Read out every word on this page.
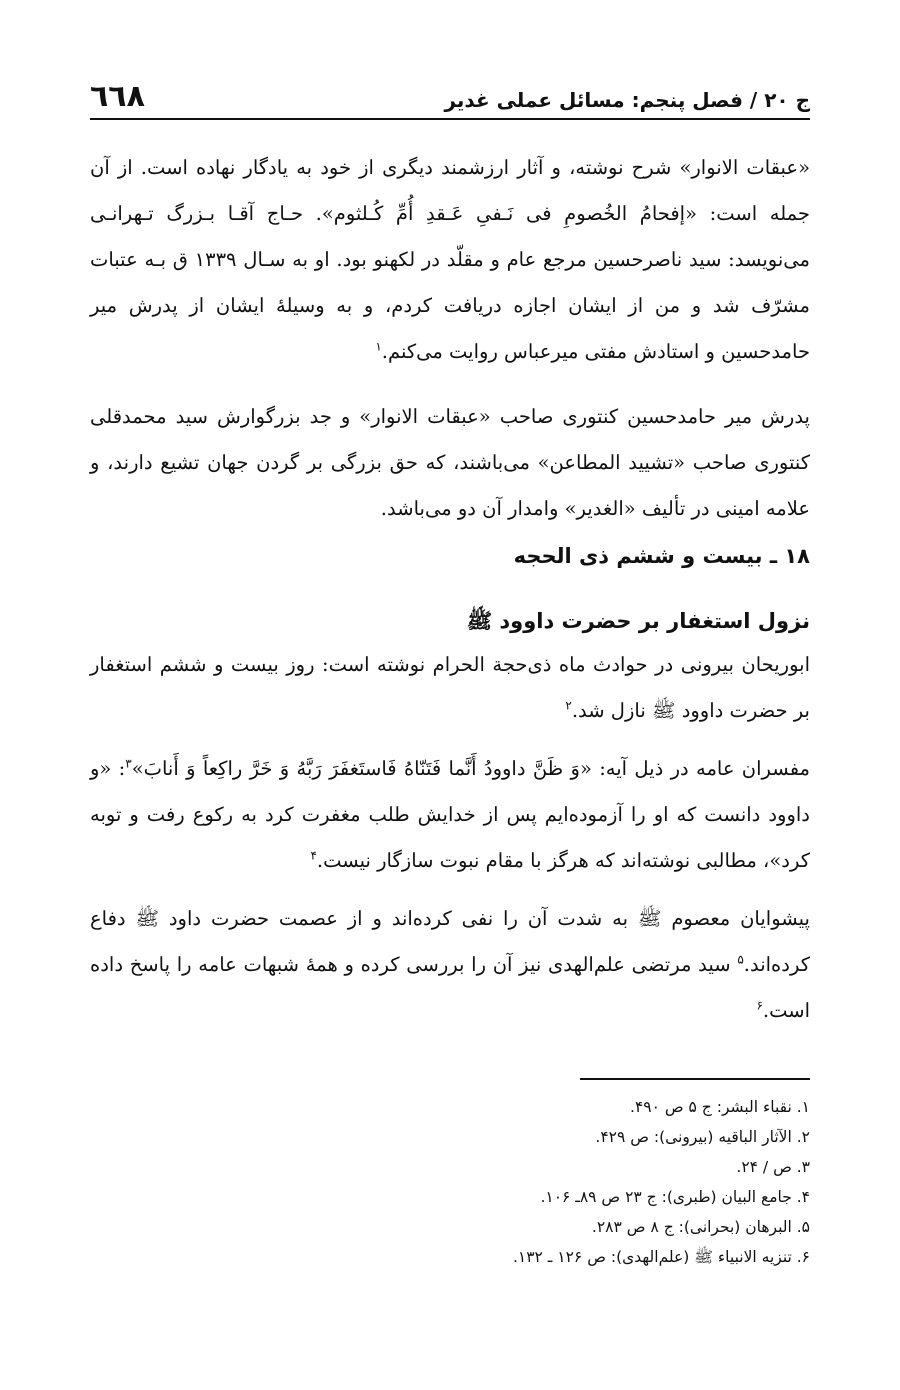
ج ۲۰ / فصل پنجم: مسائل عملی غدیر
٦٦٨

«عبقات الانوار» شرح نوشته، و آثار ارزشمند دیگری از خود به یادگار نهاده است. از آن جمله است: «إفحامُ الخُصومِ فی نَـفیِ عَـقدِ أُمِّ کُـلثوم». حـاج آقـا بـزرگ تـهرانـی می‌نویسد: سید ناصرحسین مرجع عام و مقلّد در لکهنو بود. او به سـال ۱۳۳۹ ق بـه عتبات مشرّف شد و من از ایشان اجازه دریافت کردم، و به وسیلهٔ ایشان از پدرش میر حامدحسین و استادش مفتی میرعباس روایت می‌کنم.$^۱$

پدرش میر حامدحسین کنتوری صاحب «عبقات الانوار» و جد بزرگوارش سید محمدقلی کنتوری صاحب «تشیید المطاعن» می‌باشند، که حق بزرگی بر گردن جهان تشیع دارند، و علامه امینی در تألیف «الغدیر» وامدار آن دو می‌باشد.

۱۸ ـ بیست و ششم ذی الحجه
نزول استغفار بر حضرت داوود ﷺ

ابوریحان بیرونی در حوادث ماه ذی‌حجة الحرام نوشته است: روز بیست و ششم استغفار بر حضرت داوود ﷺ نازل شد.$^۲$

مفسران عامه در ذیل آیه: «وَ ظَنَّ داوودُ أَنَّما فَتَنّاهُ فَاستَغفَرَ رَبَّهُ وَ خَرَّ راکِعاً وَ أَنابَ»$^۳$: «و داوود دانست که او را آزموده‌ایم پس از خدایش طلب مغفرت کرد به رکوع رفت و توبه کرد»، مطالبی نوشته‌اند که هرگز با مقام نبوت سازگار نیست.$^۴$

پیشوایان معصوم ﷺ به شدت آن را نفی کرده‌اند و از عصمت حضرت داود ﷺ دفاع کرده‌اند.$^۵$ سید مرتضی علم‌الهدی نیز آن را بررسی کرده و همهٔ شبهات عامه را پاسخ داده است.$^۶$

۱. نقباء البشر: ج ۵ ص ۴۹۰.
۲. الآثار الباقیه (بیرونی): ص ۴۲۹.
۳. ص / ۲۴.
۴. جامع البیان (طبری): ج ۲۳ ص ۸۹ـ ۱۰۶.
۵. البرهان (بحرانی): ج ۸ ص ۲۸۳.
۶. تنزیه الانبیاء ﷺ (علم‌الهدی): ص ۱۲۶ ـ ۱۳۲.
